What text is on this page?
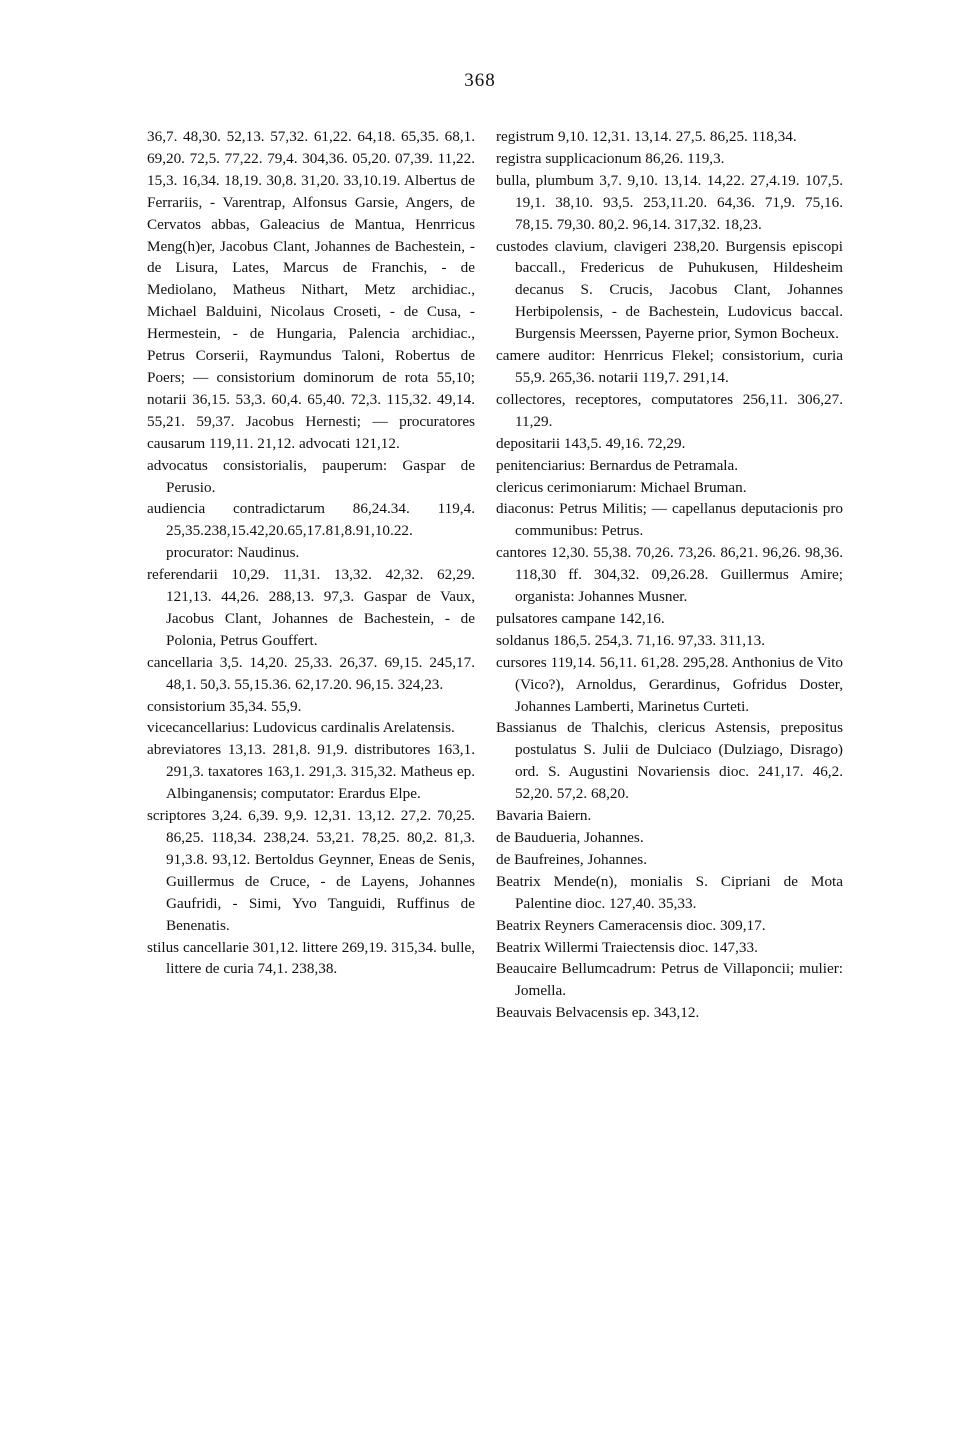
368

36,7. 48,30. 52,13. 57,32. 61,22. 64,18. 65,35. 68,1. 69,20. 72,5. 77,22. 79,4. 304,36. 05,20. 07,39. 11,22. 15,3. 16,34. 18,19. 30,8. 31,20. 33,10.19. Albertus de Ferrariis, - Varentrap, Alfonsus Garsie, Angers, de Cervatos abbas, Galeacius de Mantua, Henrricus Meng(h)er, Jacobus Clant, Johannes de Bachestein, - de Lisura, Lates, Marcus de Franchis, - de Mediolano, Matheus Nithart, Metz archidiac., Michael Balduini, Nicolaus Croseti, - de Cusa, - Hermestein, - de Hungaria, Palencia archidiac., Petrus Corserii, Raymundus Taloni, Robertus de Poers; — consistorium dominorum de rota 55,10; notarii 36,15. 53,3. 60,4. 65,40. 72,3. 115,32. 49,14. 55,21. 59,37. Jacobus Hernesti; — procuratores causarum 119,11. 21,12. advocati 121,12.

advocatus consistorialis, pauperum: Gaspar de Perusio.

audiencia contradictarum 86,24.34. 119,4. 25,35.238,15.42,20.65,17.81,8.91,10.22. procurator: Naudinus.

referendarii 10,29. 11,31. 13,32. 42,32. 62,29. 121,13. 44,26. 288,13. 97,3. Gaspar de Vaux, Jacobus Clant, Johannes de Bachestein, - de Polonia, Petrus Gouffert.

cancellaria 3,5. 14,20. 25,33. 26,37. 69,15. 245,17. 48,1. 50,3. 55,15.36. 62,17.20. 96,15. 324,23.

consistorium 35,34. 55,9.

vicecancellarius: Ludovicus cardinalis Arelatensis.

abreviatores 13,13. 281,8. 91,9. distributores 163,1. 291,3. taxatores 163,1. 291,3. 315,32. Matheus ep. Albinganensis; computator: Erardus Elpe.

scriptores 3,24. 6,39. 9,9. 12,31. 13,12. 27,2. 70,25. 86,25. 118,34. 238,24. 53,21. 78,25. 80,2. 81,3. 91,3.8. 93,12. Bertoldus Geynner, Eneas de Senis, Guillermus de Cruce, - de Layens, Johannes Gaufridi, - Simi, Yvo Tanguidi, Ruffinus de Benenatis.

stilus cancellarie 301,12. littere 269,19. 315,34. bulle, littere de curia 74,1. 238,38.

registrum 9,10. 12,31. 13,14. 27,5. 86,25. 118,34.

registra supplicacionum 86,26. 119,3.

bulla, plumbum 3,7. 9,10. 13,14. 14,22. 27,4.19. 107,5. 19,1. 38,10. 93,5. 253,11.20. 64,36. 71,9. 75,16. 78,15. 79,30. 80,2. 96,14. 317,32. 18,23.

custodes clavium, clavigeri 238,20. Burgensis episcopi baccall., Fredericus de Puhukusen, Hildesheim decanus S. Crucis, Jacobus Clant, Johannes Herbipolensis, - de Bachestein, Ludovicus baccal. Burgensis Meerssen, Payerne prior, Symon Bocheux.

camere auditor: Henrricus Flekel; consistorium, curia 55,9. 265,36. notarii 119,7. 291,14.

collectores, receptores, computatores 256,11. 306,27. 11,29.

depositarii 143,5. 49,16. 72,29.

penitenciarius: Bernardus de Petramala.

clericus cerimoniarum: Michael Bruman.

diaconus: Petrus Militis; — capellanus deputacionis pro communibus: Petrus.

cantores 12,30. 55,38. 70,26. 73,26. 86,21. 96,26. 98,36. 118,30 ff. 304,32. 09,26.28. Guillermus Amire; organista: Johannes Musner.

pulsatores campane 142,16.

soldanus 186,5. 254,3. 71,16. 97,33. 311,13.

cursores 119,14. 56,11. 61,28. 295,28. Anthonius de Vito (Vico?), Arnoldus, Gerardinus, Gofridus Doster, Johannes Lamberti, Marinetus Curteti.

Bassianus de Thalchis, clericus Astensis, prepositus postulatus S. Julii de Dulciaco (Dulziago, Disrago) ord. S. Augustini Novariensis dioc. 241,17. 46,2. 52,20. 57,2. 68,20.

Bavaria Baiern.

de Baudueria, Johannes.

de Baufreines, Johannes.

Beatrix Mende(n), monialis S. Cipriani de Mota Palentine dioc. 127,40. 35,33.

Beatrix Reyners Cameracensis dioc. 309,17.

Beatrix Willermi Traiectensis dioc. 147,33.

Beaucaire Bellumcadrum: Petrus de Villaponcii; mulier: Jomella.

Beauvais Belvacensis ep. 343,12.
